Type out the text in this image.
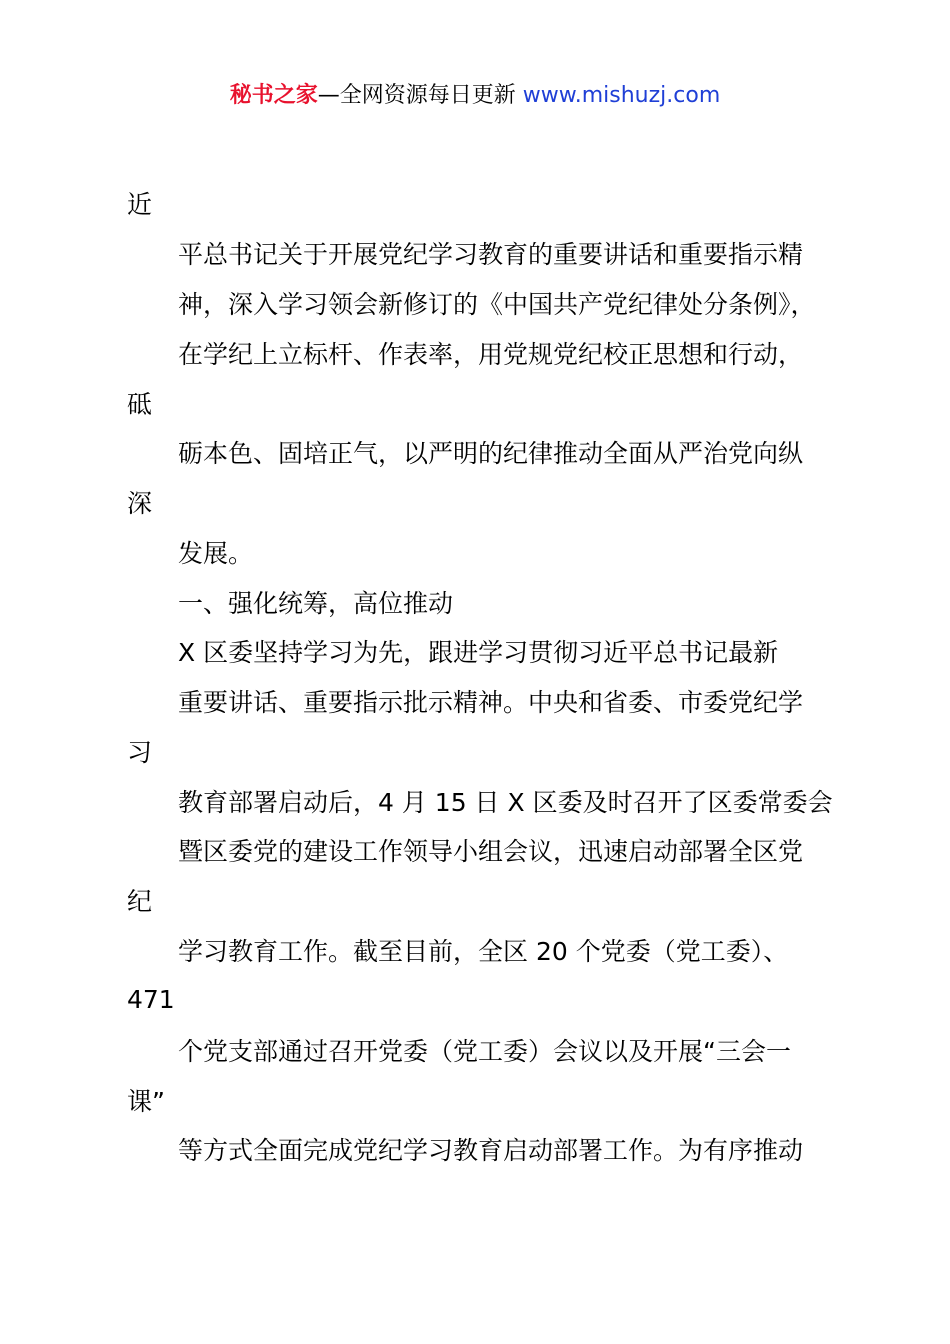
秘书之家—全网资源每日更新 www.mishuzj.com
近
平总书记关于开展党纪学习教育的重要讲话和重要指示精
神，深入学习领会新修订的《中国共产党纪律处分条例》，
在学纪上立标杆、作表率，用党规党纪校正思想和行动，
砥
砺本色、固培正气，以严明的纪律推动全面从严治党向纵
深
发展。
一、强化统筹，高位推动
X 区委坚持学习为先，跟进学习贯彻习近平总书记最新
重要讲话、重要指示批示精神。中央和省委、市委党纪学
习
教育部署启动后，4 月 15 日 X 区委及时召开了区委常委会
暨区委党的建设工作领导小组会议，迅速启动部署全区党
纪
学习教育工作。截至目前，全区 20 个党委（党工委）、
471
个党支部通过召开党委（党工委）会议以及开展“三会一
课”
等方式全面完成党纪学习教育启动部署工作。为有序推动
